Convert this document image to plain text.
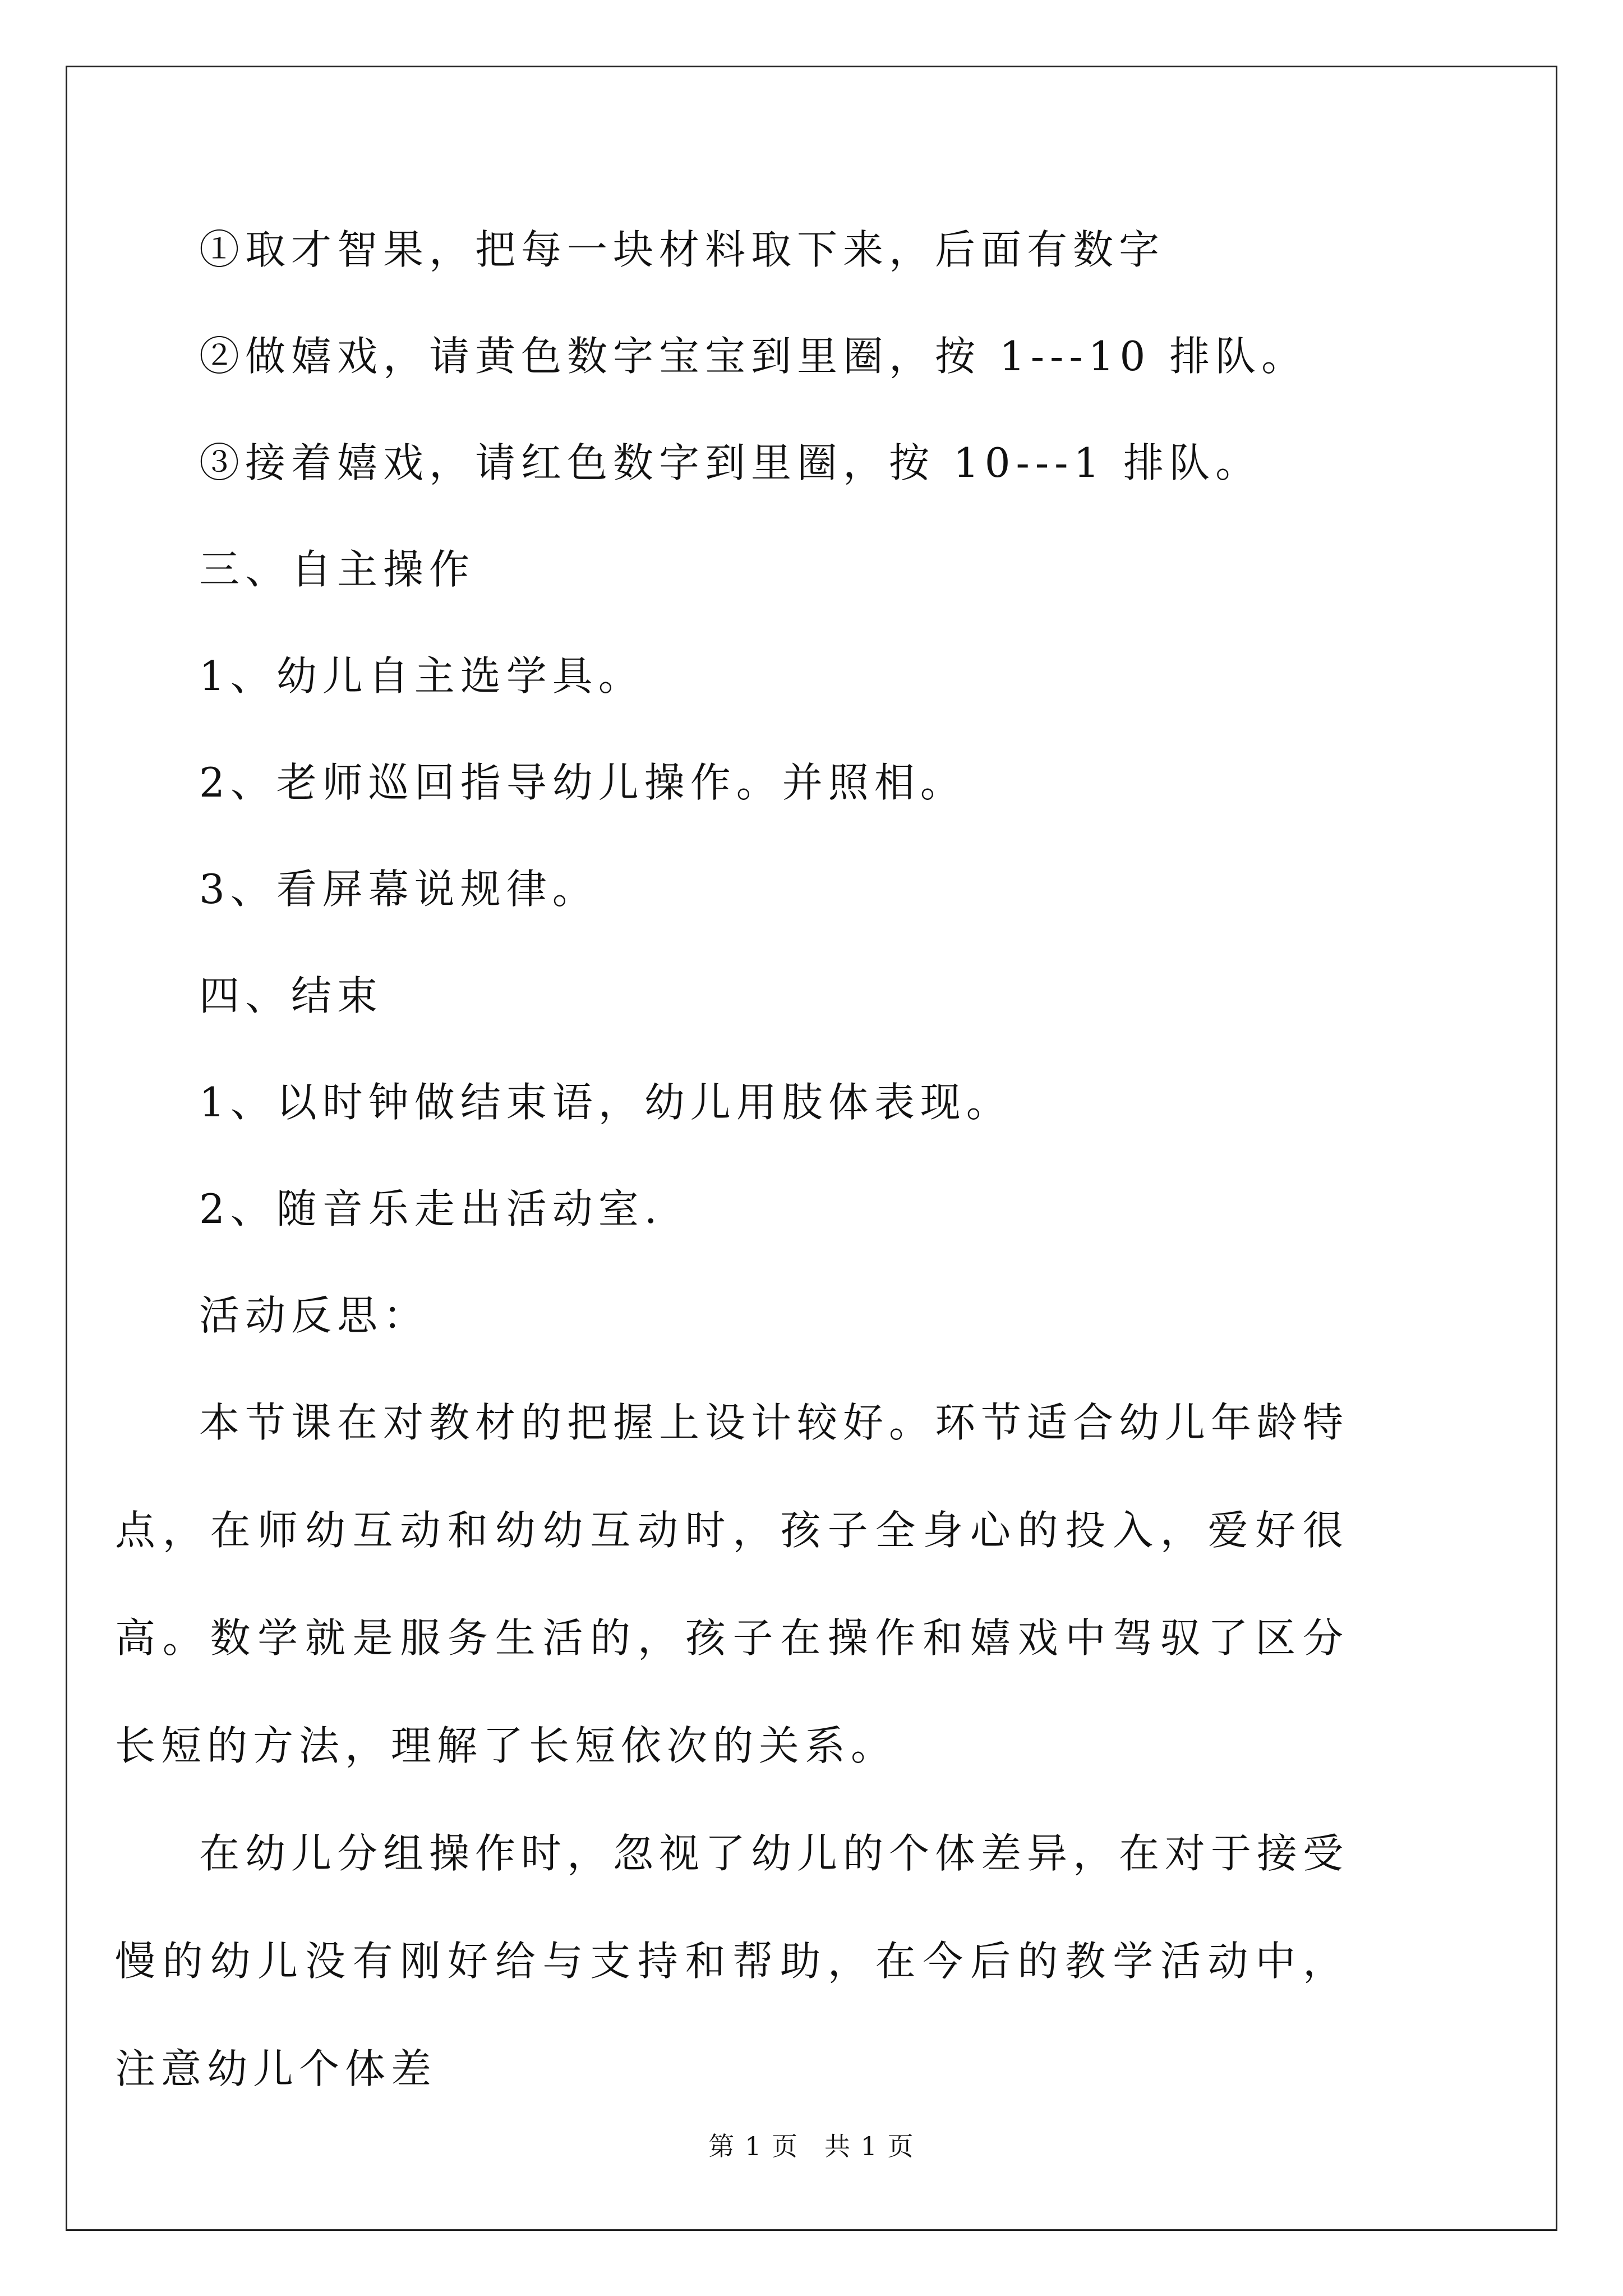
①取才智果，把每一块材料取下来，后面有数字

②做嬉戏，请黄色数字宝宝到里圈，按 1---10 排队。

③接着嬉戏，请红色数字到里圈，按 10---1 排队。

三、自主操作

1、幼儿自主选学具。

2、老师巡回指导幼儿操作。并照相。

3、看屏幕说规律。

四、结束

1、以时钟做结束语，幼儿用肢体表现。

2、随音乐走出活动室.

活动反思：

本节课在对教材的把握上设计较好。环节适合幼儿年龄特点，在师幼互动和幼幼互动时，孩子全身心的投入，爱好很高。数学就是服务生活的，孩子在操作和嬉戏中驾驭了区分长短的方法，理解了长短依次的关系。

在幼儿分组操作时，忽视了幼儿的个体差异，在对于接受慢的幼儿没有刚好给与支持和帮助，在今后的教学活动中，注意幼儿个体差

第 1 页 共 1 页
